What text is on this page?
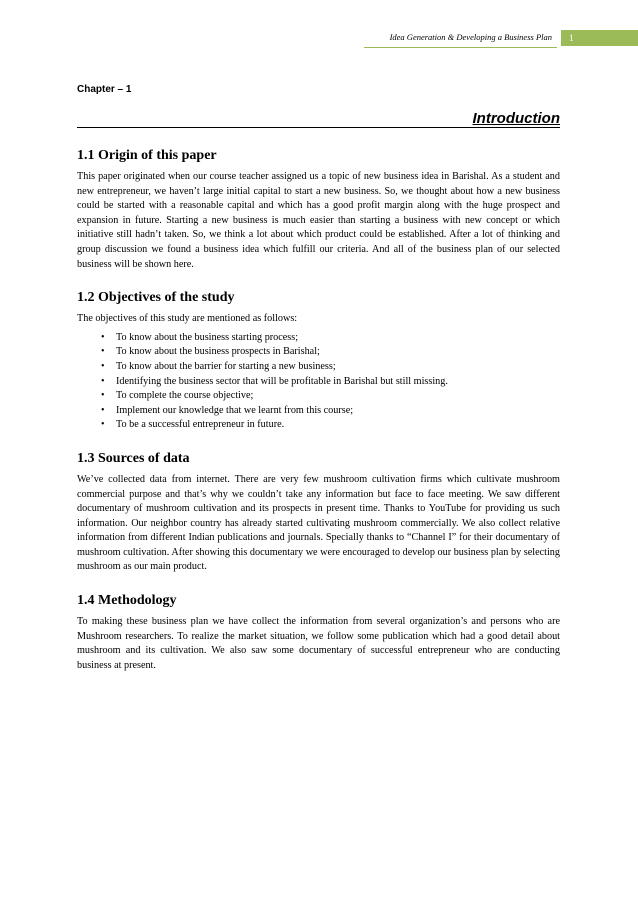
Idea Generation & Developing a Business Plan	1
Chapter – 1
Introduction
1.1 Origin of this paper

This paper originated when our course teacher assigned us a topic of new business idea in Barishal. As a student and new entrepreneur, we haven’t large initial capital to start a new business. So, we thought about how a new business could be started with a reasonable capital and which has a good profit margin along with the huge prospect and expansion in future. Starting a new business is much easier than starting a business with new concept or which initiative still hadn’t taken. So, we think a lot about which product could be established. After a lot of thinking and group discussion we found a business idea which fulfill our criteria. And all of the business plan of our selected business will be shown here.

1.2 Objectives of the study

The objectives of this study are mentioned as follows:

• To know about the business starting process;
• To know about the business prospects in Barishal;
• To know about the barrier for starting a new business;
• Identifying the business sector that will be profitable in Barishal but still missing.
• To complete the course objective;
• Implement our knowledge that we learnt from this course;
• To be a successful entrepreneur in future.
1.3 Sources of data

We’ve collected data from internet. There are very few mushroom cultivation firms which cultivate mushroom commercial purpose and that’s why we couldn’t take any information but face to face meeting. We saw different documentary of mushroom cultivation and its prospects in present time. Thanks to YouTube for providing us such information. Our neighbor country has already started cultivating mushroom commercially. We also collect relative information from different Indian publications and journals. Specially thanks to “Channel I” for their documentary of mushroom cultivation. After showing this documentary we were encouraged to develop our business plan by selecting mushroom as our main product.

1.4 Methodology

To making these business plan we have collect the information from several organization’s and persons who are Mushroom researchers. To realize the market situation, we follow some publication which had a good detail about mushroom and its cultivation. We also saw some documentary of successful entrepreneur who are conducting business at present.
